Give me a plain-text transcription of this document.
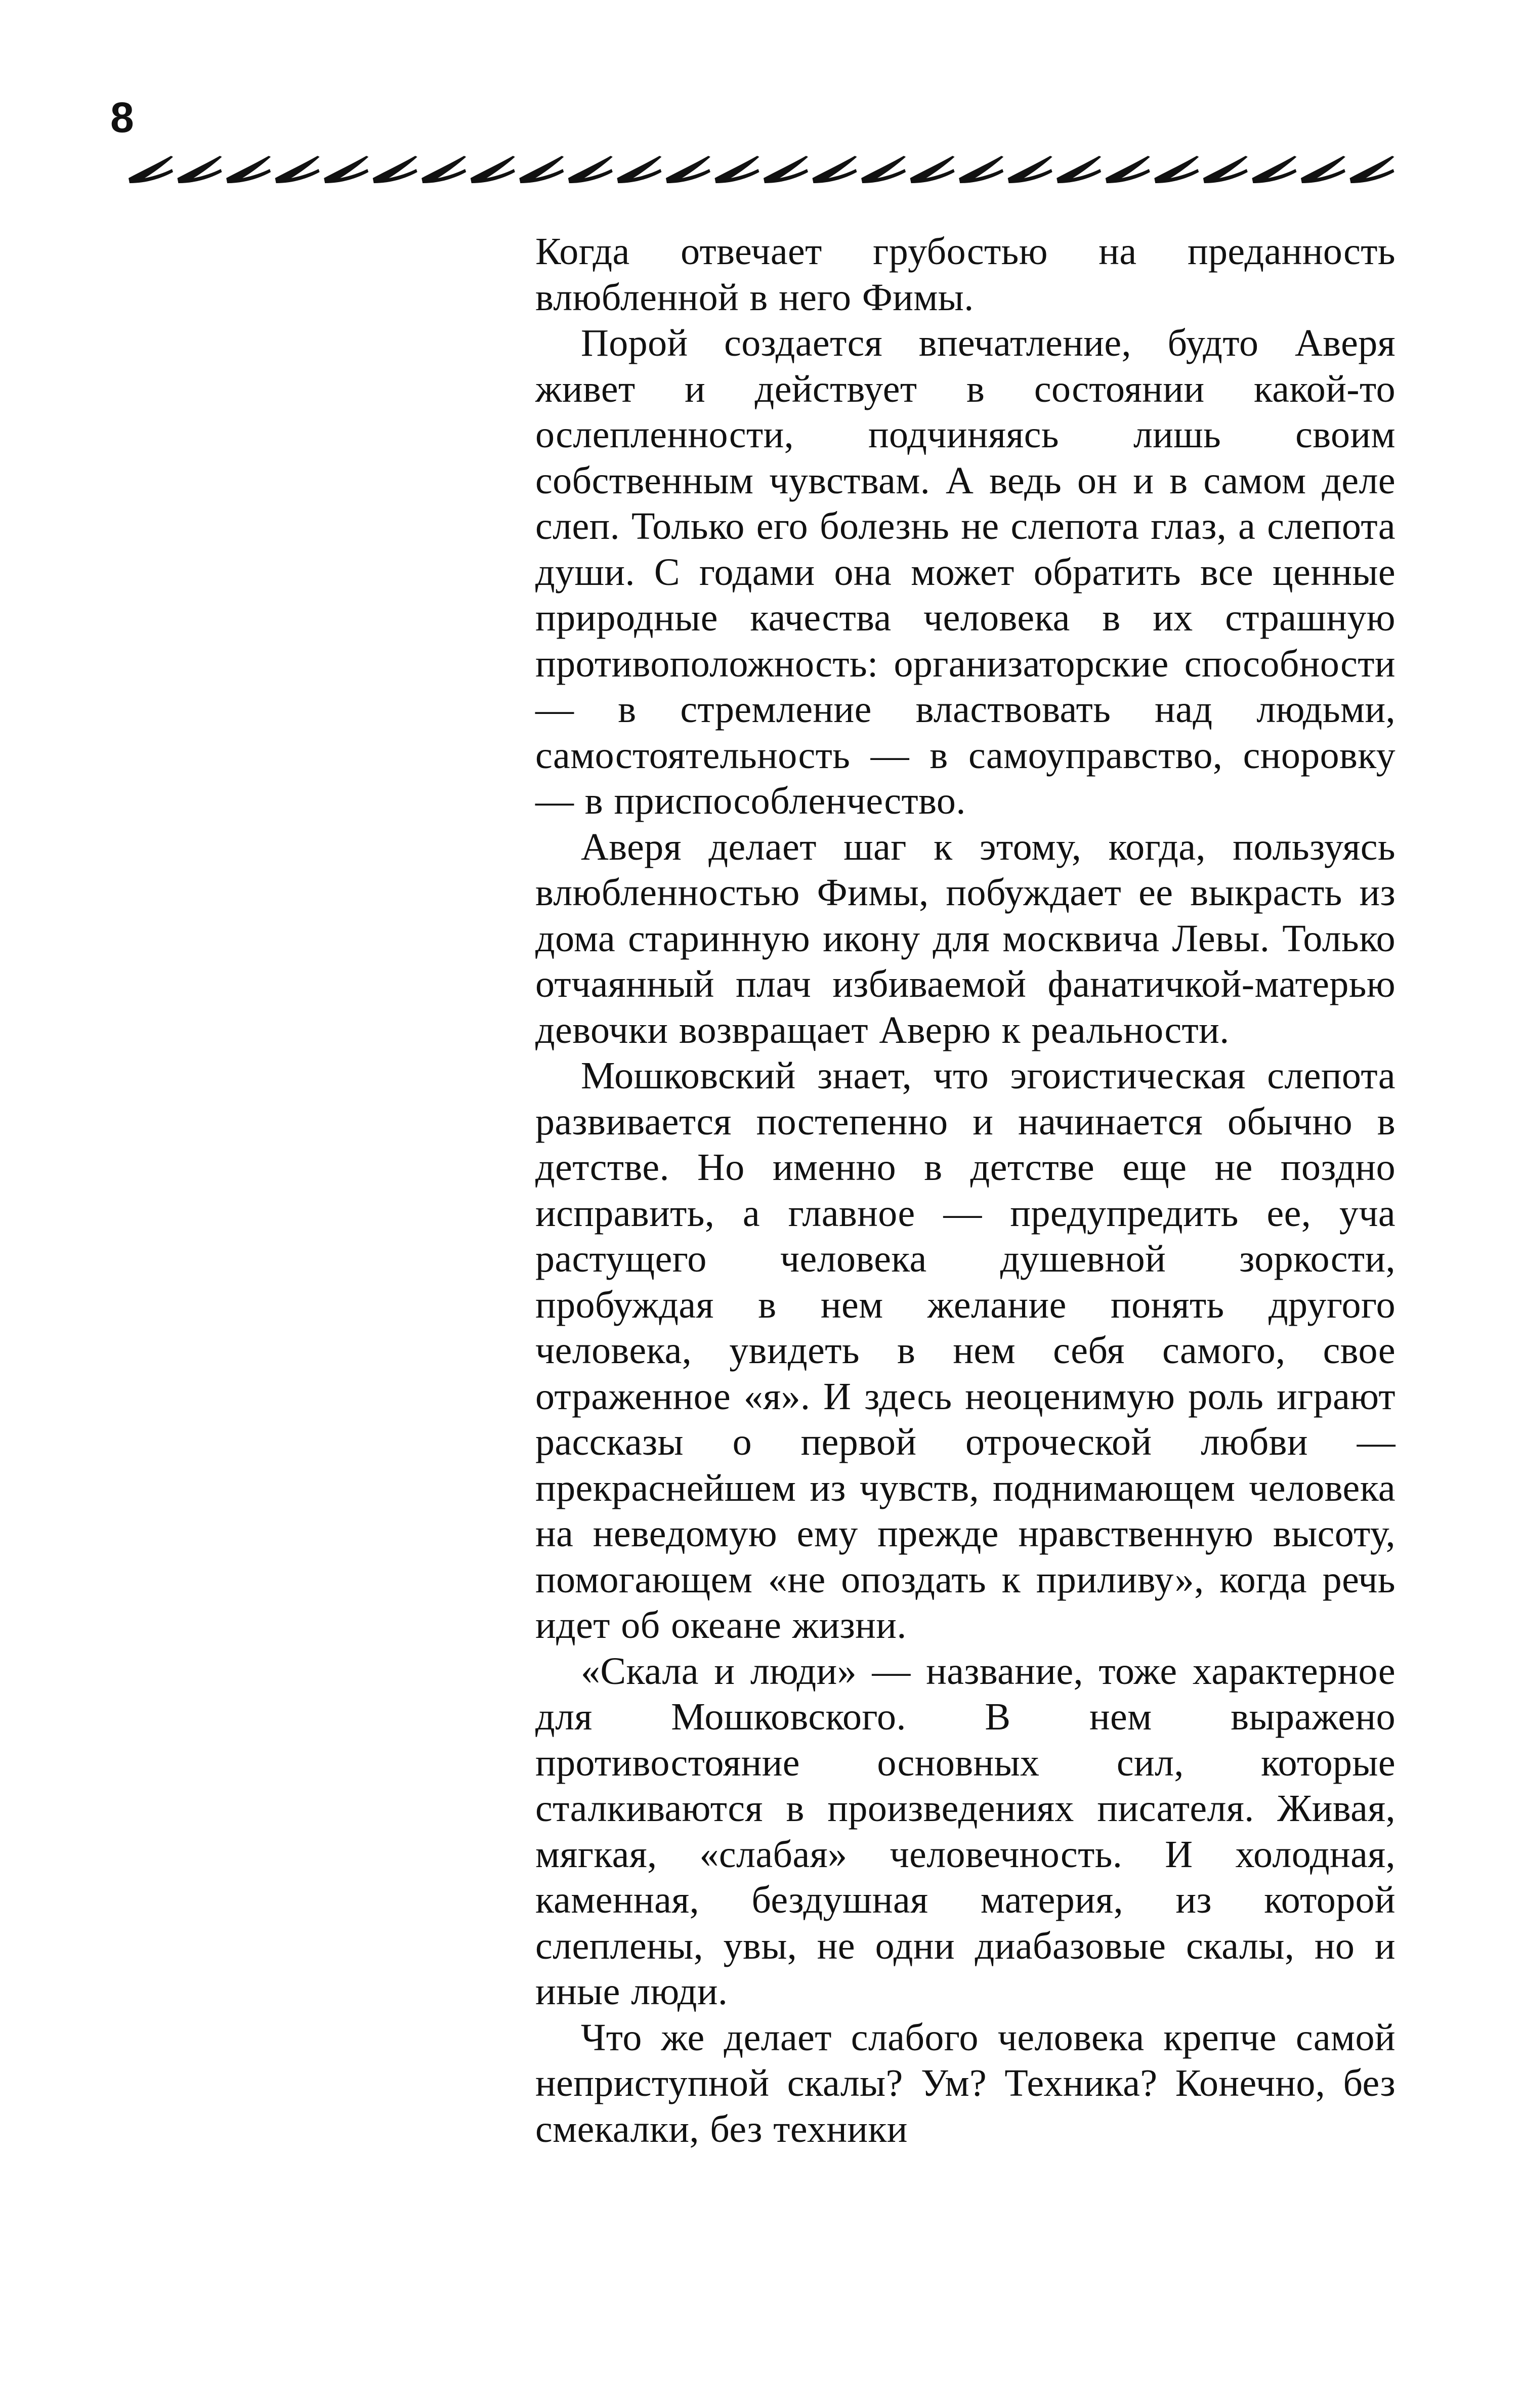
8

Когда отвечает грубостью на преданность влюбленной в него Фимы.

Порой создается впечатление, будто Аверя живет и действует в состоянии какой-то ослепленности, подчиняясь лишь своим собственным чувствам. А ведь он и в самом деле слеп. Только его болезнь не слепота глаз, а слепота души. С годами она может обратить все ценные природные качества человека в их страшную противоположность: организаторские способности — в стремление властвовать над людьми, самостоятельность — в самоуправство, сноровку — в приспособленчество.

Аверя делает шаг к этому, когда, пользуясь влюбленностью Фимы, побуждает ее выкрасть из дома старинную икону для москвича Левы. Только отчаянный плач избиваемой фанатичкой-матерью девочки возвращает Аверю к реальности.

Мошковский знает, что эгоистическая слепота развивается постепенно и начинается обычно в детстве. Но именно в детстве еще не поздно исправить, а главное — предупредить ее, уча растущего человека душевной зоркости, пробуждая в нем желание понять другого человека, увидеть в нем себя самого, свое отраженное «я». И здесь неоценимую роль играют рассказы о первой отроческой любви — прекраснейшем из чувств, поднимающем человека на неведомую ему прежде нравственную высоту, помогающем «не опоздать к приливу», когда речь идет об океане жизни.

«Скала и люди» — название, тоже характерное для Мошковского. В нем выражено противостояние основных сил, которые сталкиваются в произведениях писателя. Живая, мягкая, «слабая» человечность. И холодная, каменная, бездушная материя, из которой слеплены, увы, не одни диабазовые скалы, но и иные люди.

Что же делает слабого человека крепче самой неприступной скалы? Ум? Техника? Конечно, без смекалки, без техники
